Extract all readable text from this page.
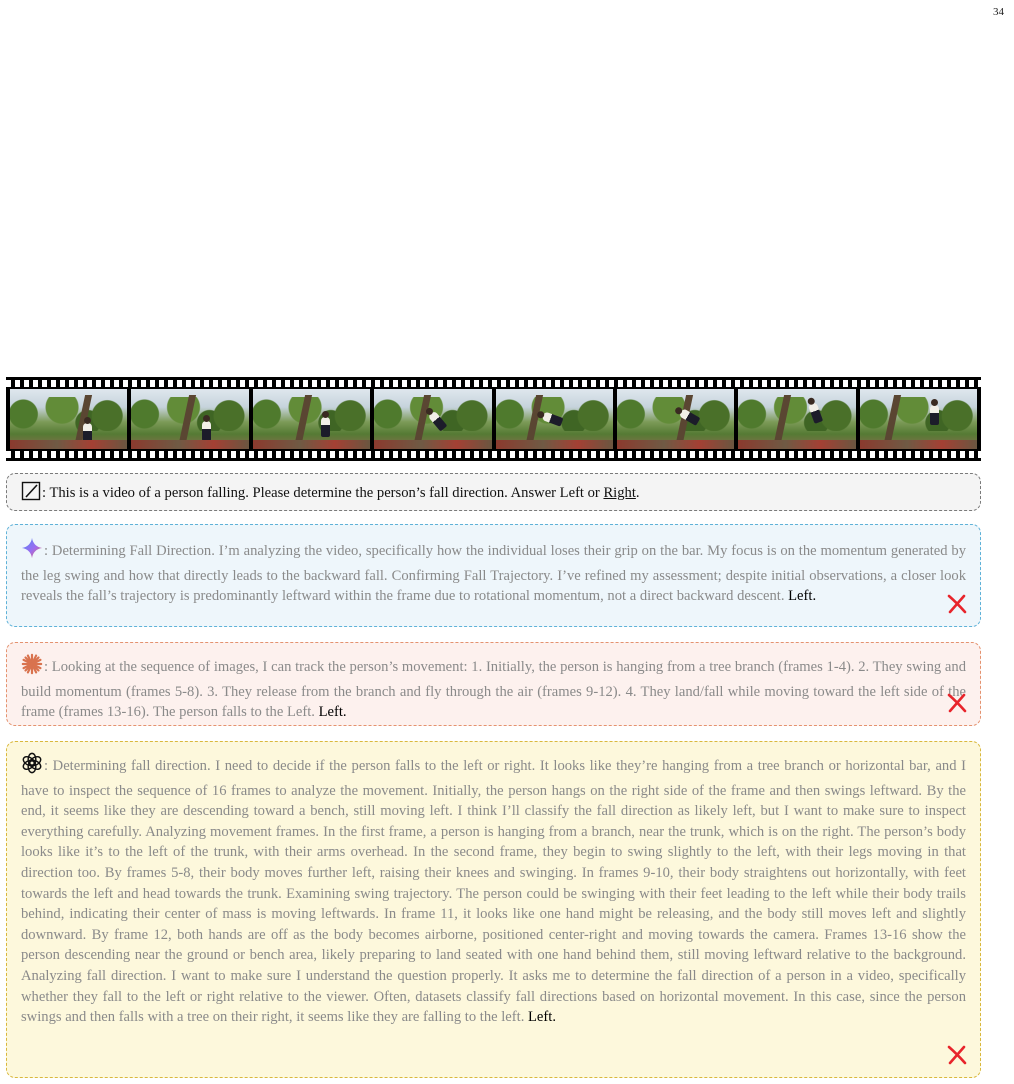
34
: This is a video of a person falling. Please determine the person’s fall direction. Answer Left or Right.
: Determining Fall Direction. I’m analyzing the video, specifically how the individual loses their grip on the bar. My focus is on the momentum generated by the leg swing and how that directly leads to the backward fall. Confirming Fall Trajectory. I’ve refined my assessment; despite initial observations, a closer look reveals the fall’s trajectory is predominantly leftward within the frame due to rotational momentum, not a direct backward descent. Left.
: Looking at the sequence of images, I can track the person’s movement: 1. Initially, the person is hanging from a tree branch (frames 1-4). 2. They swing and build momentum (frames 5-8). 3. They release from the branch and fly through the air (frames 9-12). 4. They land/fall while moving toward the left side of the frame (frames 13-16). The person falls to the Left. Left.
: Determining fall direction. I need to decide if the person falls to the left or right. It looks like they’re hanging from a tree branch or horizontal bar, and I have to inspect the sequence of 16 frames to analyze the movement. Initially, the person hangs on the right side of the frame and then swings leftward. By the end, it seems like they are descending toward a bench, still moving left. I think I’ll classify the fall direction as likely left, but I want to make sure to inspect everything carefully. Analyzing movement frames. In the first frame, a person is hanging from a branch, near the trunk, which is on the right. The person’s body looks like it’s to the left of the trunk, with their arms overhead. In the second frame, they begin to swing slightly to the left, with their legs moving in that direction too. By frames 5-8, their body moves further left, raising their knees and swinging. In frames 9-10, their body straightens out horizontally, with feet towards the left and head towards the trunk. Examining swing trajectory. The person could be swinging with their feet leading to the left while their body trails behind, indicating their center of mass is moving leftwards. In frame 11, it looks like one hand might be releasing, and the body still moves left and slightly downward. By frame 12, both hands are off as the body becomes airborne, positioned center-right and moving towards the camera. Frames 13-16 show the person descending near the ground or bench area, likely preparing to land seated with one hand behind them, still moving leftward relative to the background. Analyzing fall direction. I want to make sure I understand the question properly. It asks me to determine the fall direction of a person in a video, specifically whether they fall to the left or right relative to the viewer. Often, datasets classify fall directions based on horizontal movement. In this case, since the person swings and then falls with a tree on their right, it seems like they are falling to the left. Left.
